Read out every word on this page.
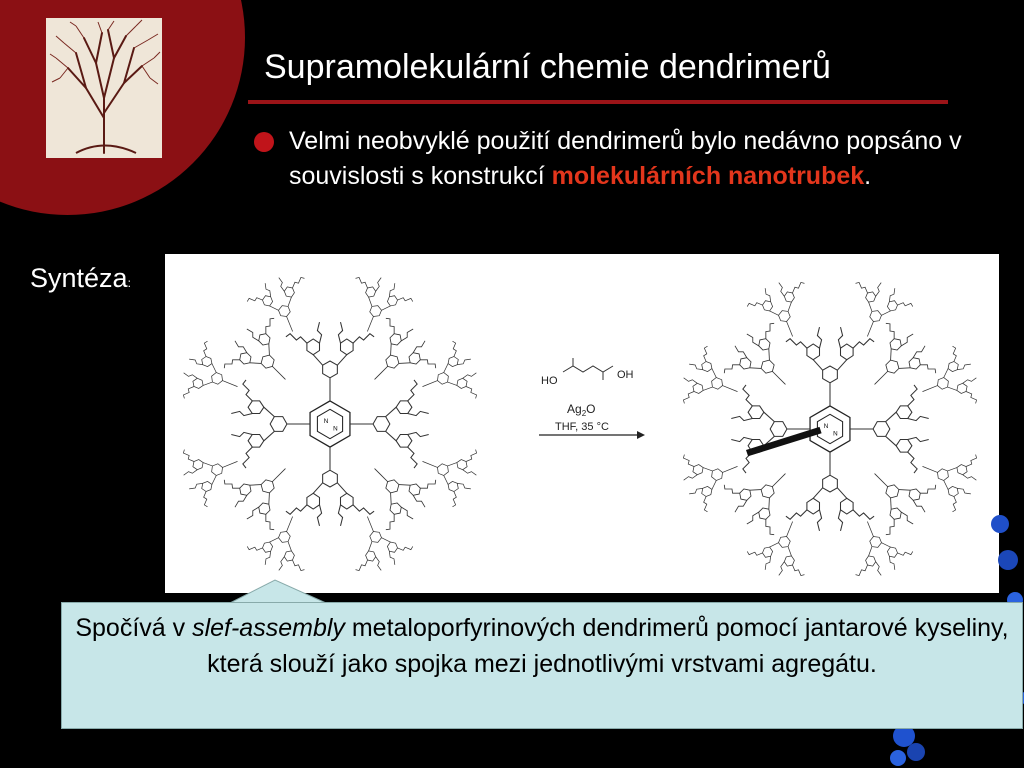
Supramolekulární chemie dendrimerů
Velmi neobvyklé použití dendrimerů bylo nedávno popsáno v souvislosti s konstrukcí molekulárních nanotrubek.
Syntéza:
N
N
HO	OH
$Ag_2O$
THF, 35 °C
Spočívá v slef-assembly metaloporfyrinových dendrimerů pomocí jantarové kyseliny, která slouží jako spojka mezi jednotlivými vrstvami agregátu.
